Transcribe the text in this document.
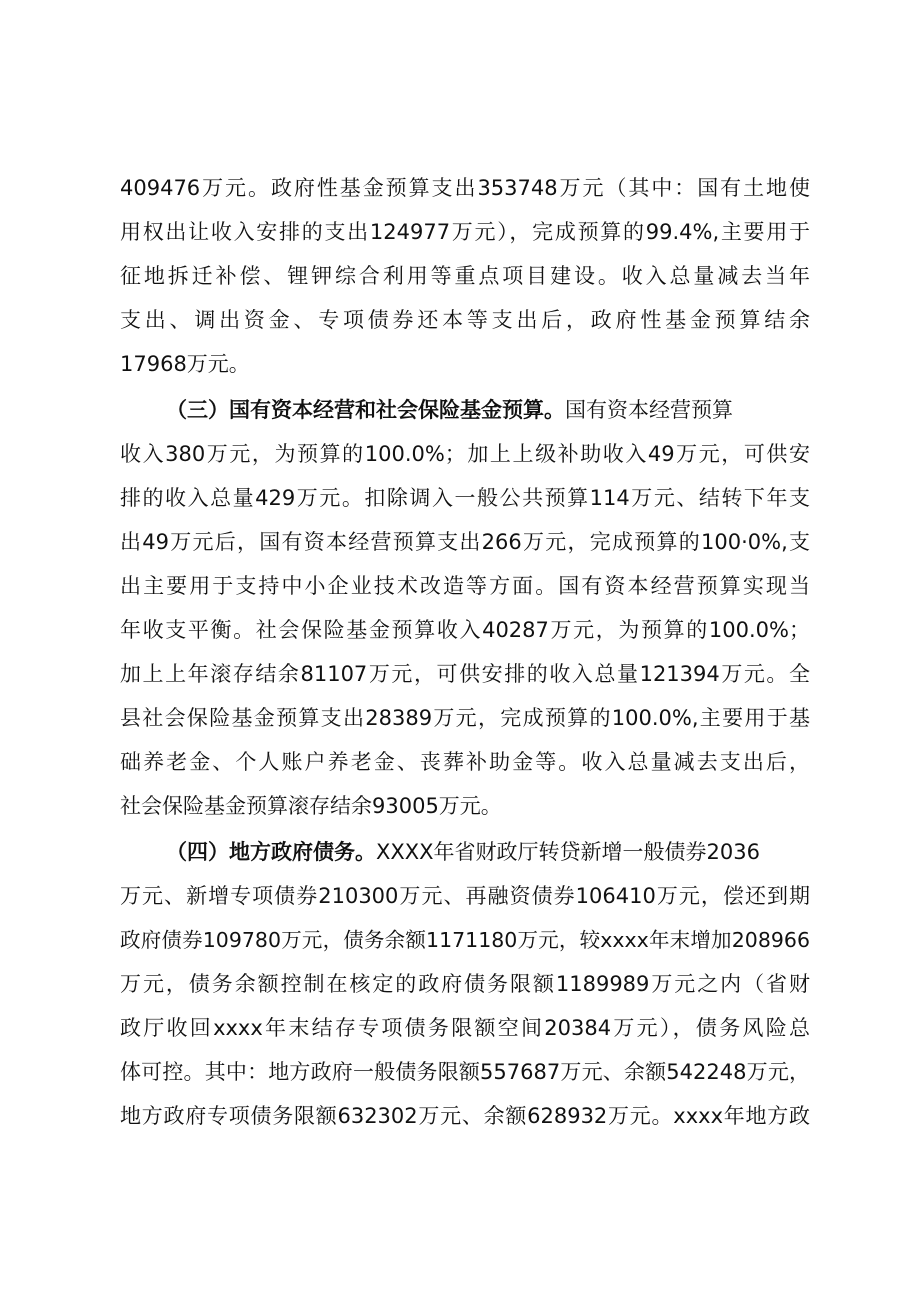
409476万元。政府性基金预算支出353748万元（其中：国有土地使
用权出让收入安排的支出124977万元），完成预算的99.4%,主要用于
征地拆迁补偿、锂钾综合利用等重点项目建设。收入总量减去当年
支出、调出资金、专项债券还本等支出后，政府性基金预算结余
17968万元。
（三）国有资本经营和社会保险基金预算。国有资本经营预算
收入380万元，为预算的100.0%；加上上级补助收入49万元，可供安
排的收入总量429万元。扣除调入一般公共预算114万元、结转下年支
出49万元后，国有资本经营预算支出266万元，完成预算的100·0%,支
出主要用于支持中小企业技术改造等方面。国有资本经营预算实现当
年收支平衡。社会保险基金预算收入40287万元，为预算的100.0%；
加上上年滚存结余81107万元，可供安排的收入总量121394万元。全
县社会保险基金预算支出28389万元，完成预算的100.0%,主要用于基
础养老金、个人账户养老金、丧葬补助金等。收入总量减去支出后，
社会保险基金预算滚存结余93005万元。
（四）地方政府债务。XXXX年省财政厅转贷新增一般债券2036
万元、新增专项债券210300万元、再融资债券106410万元，偿还到期
政府债券109780万元，债务余额1171180万元，较xxxx年末增加208966
万元，债务余额控制在核定的政府债务限额1189989万元之内（省财
政厅收回xxxx年末结存专项债务限额空间20384万元），债务风险总
体可控。其中：地方政府一般债务限额557687万元、余额542248万元，
地方政府专项债务限额632302万元、余额628932万元。xxxx年地方政
